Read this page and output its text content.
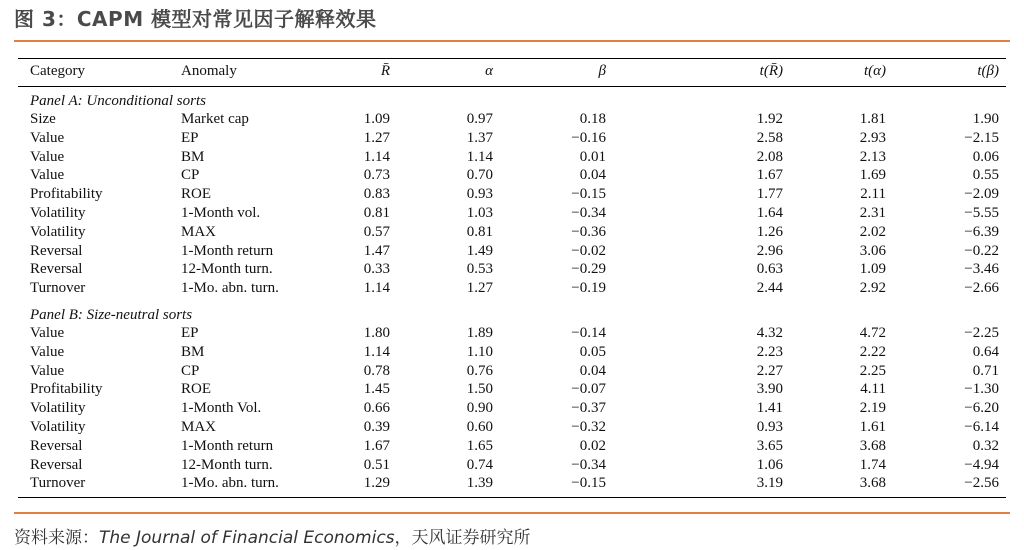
图 3：CAPM 模型对常见因子解释效果
Category	Anomaly	R̄	α	β	t(R̄)	t(α)	t(β)
Panel A: Unconditional sorts
Size	Market cap	1.09	0.97	0.18	1.92	1.81	1.90
Value	EP	1.27	1.37	−0.16	2.58	2.93	−2.15
Value	BM	1.14	1.14	0.01	2.08	2.13	0.06
Value	CP	0.73	0.70	0.04	1.67	1.69	0.55
Profitability	ROE	0.83	0.93	−0.15	1.77	2.11	−2.09
Volatility	1-Month vol.	0.81	1.03	−0.34	1.64	2.31	−5.55
Volatility	MAX	0.57	0.81	−0.36	1.26	2.02	−6.39
Reversal	1-Month return	1.47	1.49	−0.02	2.96	3.06	−0.22
Reversal	12-Month turn.	0.33	0.53	−0.29	0.63	1.09	−3.46
Turnover	1-Mo. abn. turn.	1.14	1.27	−0.19	2.44	2.92	−2.66
Panel B: Size-neutral sorts
Value	EP	1.80	1.89	−0.14	4.32	4.72	−2.25
Value	BM	1.14	1.10	0.05	2.23	2.22	0.64
Value	CP	0.78	0.76	0.04	2.27	2.25	0.71
Profitability	ROE	1.45	1.50	−0.07	3.90	4.11	−1.30
Volatility	1-Month Vol.	0.66	0.90	−0.37	1.41	2.19	−6.20
Volatility	MAX	0.39	0.60	−0.32	0.93	1.61	−6.14
Reversal	1-Month return	1.67	1.65	0.02	3.65	3.68	0.32
Reversal	12-Month turn.	0.51	0.74	−0.34	1.06	1.74	−4.94
Turnover	1-Mo. abn. turn.	1.29	1.39	−0.15	3.19	3.68	−2.56
资料来源：The Journal of Financial Economics，天风证券研究所
